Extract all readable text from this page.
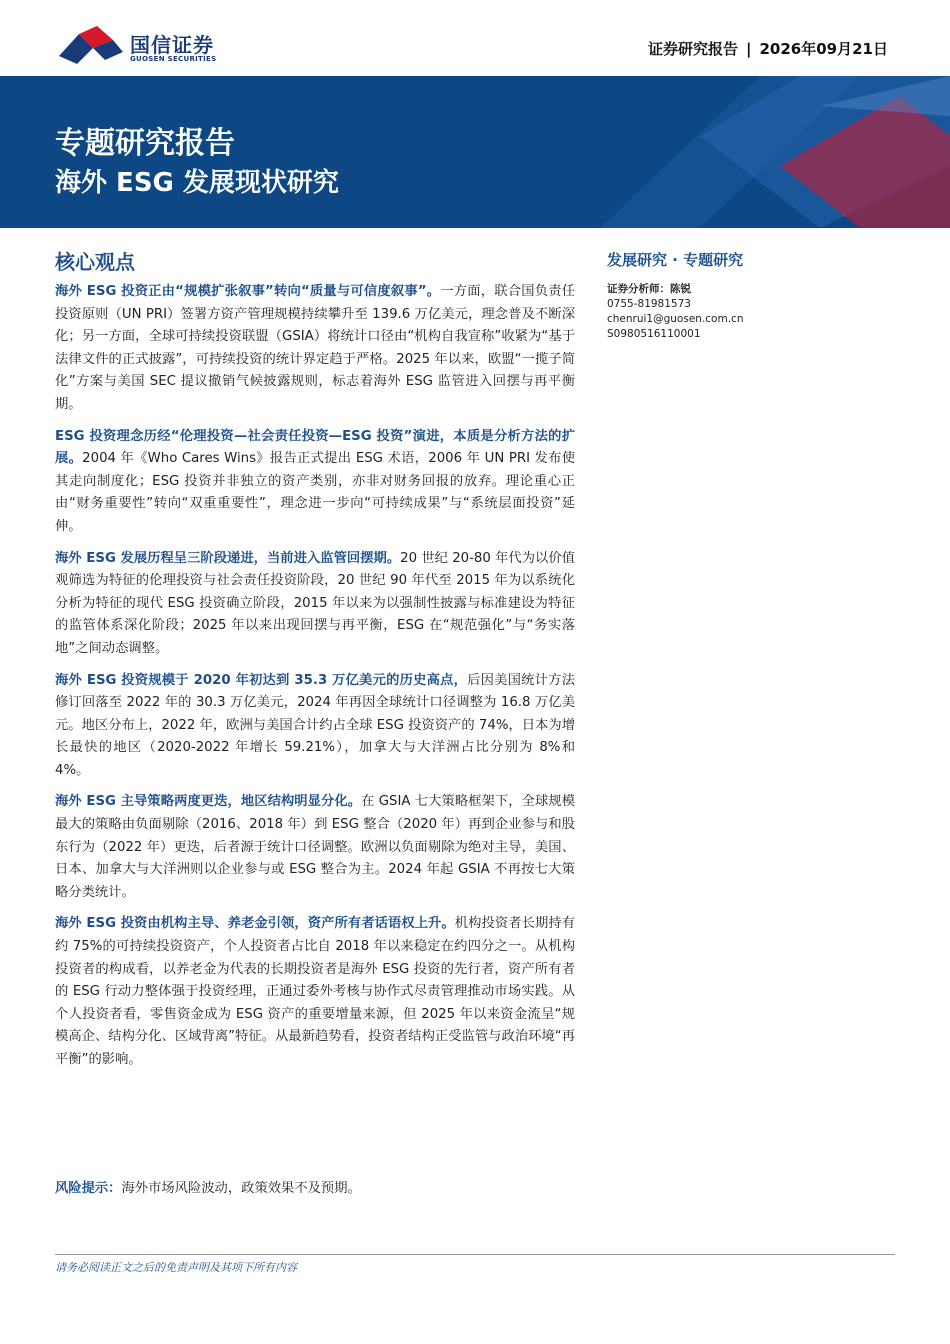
国信证券
GUOSEN SECURITIES
证券研究报告 | 2026年09月21日
专题研究报告
海外 ESG 发展现状研究
核心观点

海外 ESG 投资正由“规模扩张叙事”转向“质量与可信度叙事”。一方面，联合国负责任投资原则（UN PRI）签署方资产管理规模持续攀升至 139.6 万亿美元，理念普及不断深化；另一方面，全球可持续投资联盟（GSIA）将统计口径由“机构自我宣称”收紧为“基于法律文件的正式披露”，可持续投资的统计界定趋于严格。2025 年以来，欧盟“一揽子简化”方案与美国 SEC 提议撤销气候披露规则，标志着海外 ESG 监管进入回摆与再平衡期。

ESG 投资理念历经“伦理投资—社会责任投资—ESG 投资”演进，本质是分析方法的扩展。2004 年《Who Cares Wins》报告正式提出 ESG 术语，2006 年 UN PRI 发布使其走向制度化；ESG 投资并非独立的资产类别，亦非对财务回报的放弃。理论重心正由“财务重要性”转向“双重重要性”，理念进一步向“可持续成果”与“系统层面投资”延伸。

海外 ESG 发展历程呈三阶段递进，当前进入监管回摆期。20 世纪 20-80 年代为以价值观筛选为特征的伦理投资与社会责任投资阶段，20 世纪 90 年代至 2015 年为以系统化分析为特征的现代 ESG 投资确立阶段，2015 年以来为以强制性披露与标准建设为特征的监管体系深化阶段；2025 年以来出现回摆与再平衡，ESG 在“规范强化”与“务实落地”之间动态调整。

海外 ESG 投资规模于 2020 年初达到 35.3 万亿美元的历史高点，后因美国统计方法修订回落至 2022 年的 30.3 万亿美元，2024 年再因全球统计口径调整为 16.8 万亿美元。地区分布上，2022 年，欧洲与美国合计约占全球 ESG 投资资产的 74%，日本为增长最快的地区（2020-2022 年增长 59.21%），加拿大与大洋洲占比分别为 8%和 4%。

海外 ESG 主导策略两度更迭，地区结构明显分化。在 GSIA 七大策略框架下，全球规模最大的策略由负面剔除（2016、2018 年）到 ESG 整合（2020 年）再到企业参与和股东行为（2022 年）更迭，后者源于统计口径调整。欧洲以负面剔除为绝对主导，美国、日本、加拿大与大洋洲则以企业参与或 ESG 整合为主。2024 年起 GSIA 不再按七大策略分类统计。

海外 ESG 投资由机构主导、养老金引领，资产所有者话语权上升。机构投资者长期持有约 75%的可持续投资资产，个人投资者占比自 2018 年以来稳定在约四分之一。从机构投资者的构成看，以养老金为代表的长期投资者是海外 ESG 投资的先行者，资产所有者的 ESG 行动力整体强于投资经理，正通过委外考核与协作式尽责管理推动市场实践。从个人投资者看，零售资金成为 ESG 资产的重要增量来源，但 2025 年以来资金流呈“规模高企、结构分化、区域背离”特征。从最新趋势看，投资者结构正受监管与政治环境“再平衡”的影响。

发展研究 · 专题研究
证券分析师：陈锐
0755-81981573
chenrui1@guosen.com.cn
S0980516110001
风险提示：海外市场风险波动，政策效果不及预期。
请务必阅读正文之后的免责声明及其项下所有内容
